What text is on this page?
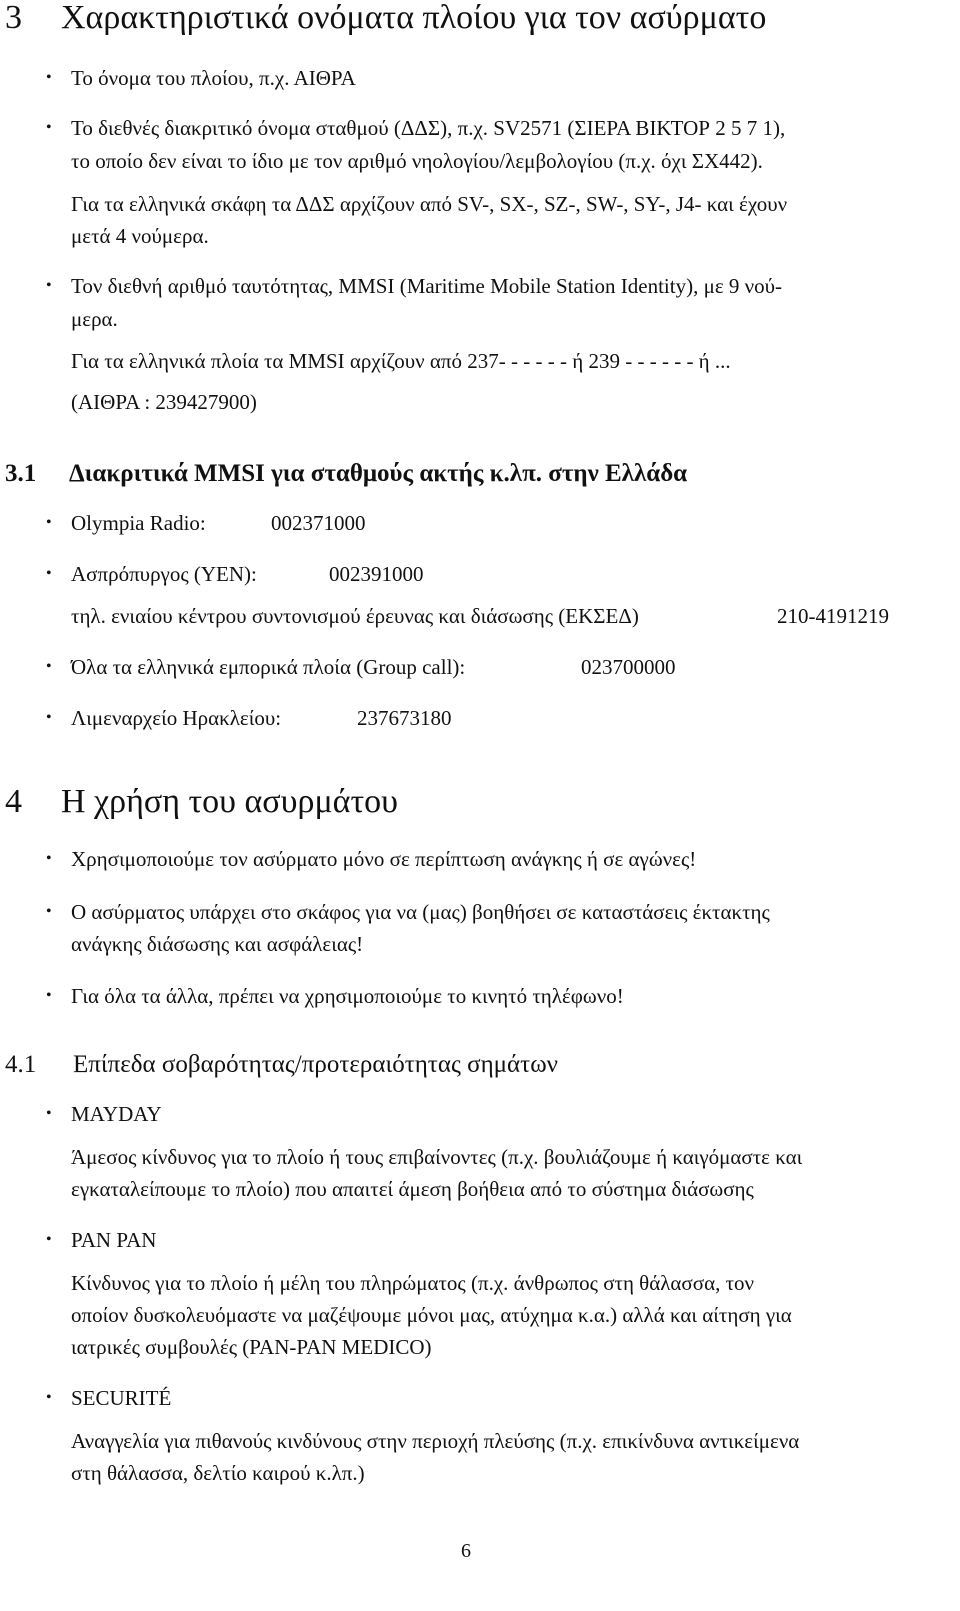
3 Χαρακτηριστικά ονόματα πλοίου για τον ασύρματο
• Το όνομα του πλοίου, π.χ. ΑΙΘΡΑ
• Το διεθνές διακριτικό όνομα σταθμού (ΔΔΣ), π.χ. SV2571 (ΣΙΕΡΑ ΒΙΚΤΟΡ 2 5 7 1),
το οποίο δεν είναι το ίδιο με τον αριθμό νηολογίου/λεμβολογίου (π.χ. όχι ΣΧ442).
Για τα ελληνικά σκάφη τα ΔΔΣ αρχίζουν από SV-, SX-, SZ-, SW-, SY-, J4- και έχουν
μετά 4 νούμερα.
• Τον διεθνή αριθμό ταυτότητας, MMSI (Maritime Mobile Station Identity), με 9 νού-
μερα.
Για τα ελληνικά πλοία τα MMSI αρχίζουν από 237- - - - - - ή 239 - - - - - - ή ...
(ΑΙΘΡΑ : 239427900)
3.1 Διακριτικά MMSI για σταθμούς ακτής κ.λπ. στην Ελλάδα
• Olympia Radio:	002371000
• Ασπρόπυργος (ΥΕΝ):	002391000
τηλ. ενιαίου κέντρου συντονισμού έρευνας και διάσωσης (ΕΚΣΕΔ)	210-4191219
• Όλα τα ελληνικά εμπορικά πλοία (Group call):	023700000
• Λιμεναρχείο Ηρακλείου:	237673180
4 Η χρήση του ασυρμάτου
• Χρησιμοποιούμε τον ασύρματο μόνο σε περίπτωση ανάγκης ή σε αγώνες!
• Ο ασύρματος υπάρχει στο σκάφος για να (μας) βοηθήσει σε καταστάσεις έκτακτης
ανάγκης διάσωσης και ασφάλειας!
• Για όλα τα άλλα, πρέπει να χρησιμοποιούμε το κινητό τηλέφωνο!
4.1 Επίπεδα σοβαρότητας/προτεραιότητας σημάτων
• MAYDAY
Άμεσος κίνδυνος για το πλοίο ή τους επιβαίνοντες (π.χ. βουλιάζουμε ή καιγόμαστε και
εγκαταλείπουμε το πλοίο) που απαιτεί άμεση βοήθεια από το σύστημα διάσωσης
• PAN PAN
Κίνδυνος για το πλοίο ή μέλη του πληρώματος (π.χ. άνθρωπος στη θάλασσα, τον
οποίον δυσκολευόμαστε να μαζέψουμε μόνοι μας, ατύχημα κ.α.) αλλά και αίτηση για
ιατρικές συμβουλές (PAN-PAN MEDICO)
• SECURITÉ
Αναγγελία για πιθανούς κινδύνους στην περιοχή πλεύσης (π.χ. επικίνδυνα αντικείμενα
στη θάλασσα, δελτίο καιρού κ.λπ.)
6
